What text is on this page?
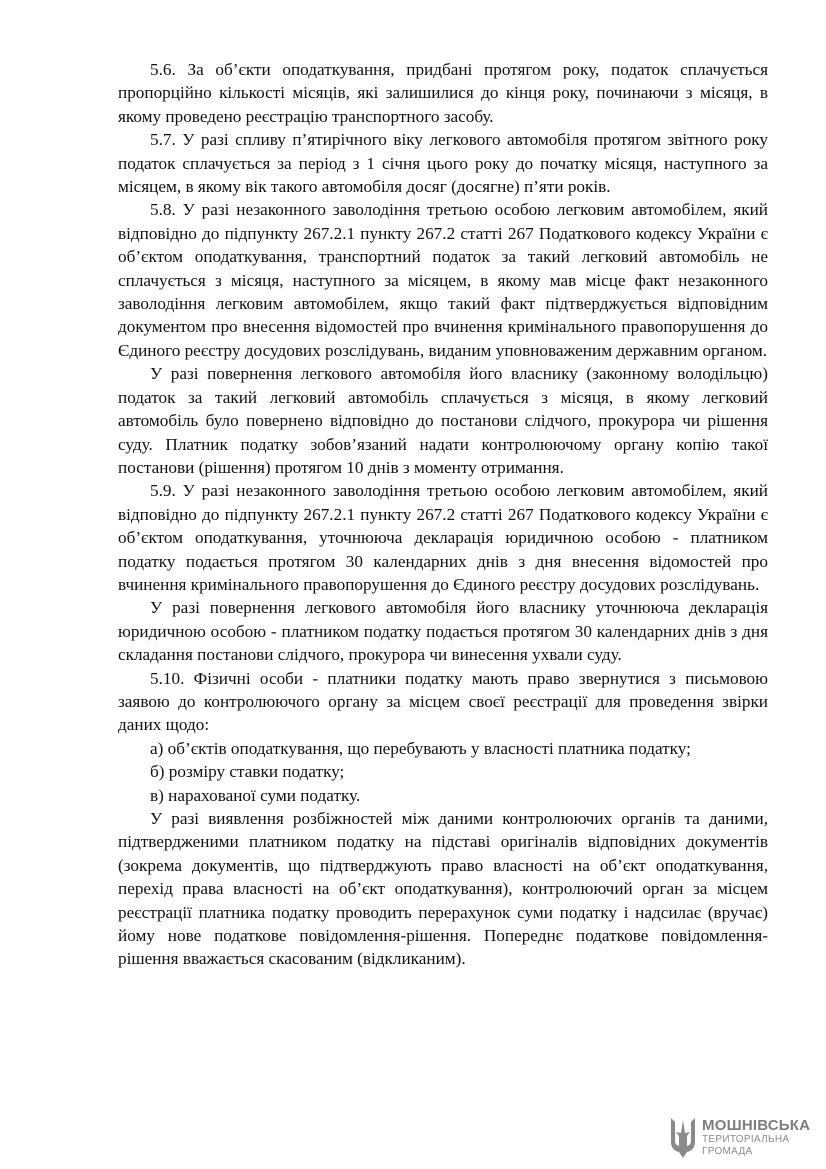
5.6. За об’єкти оподаткування, придбані протягом року, податок сплачується пропорційно кількості місяців, які залишилися до кінця року, починаючи з місяця, в якому проведено реєстрацію транспортного засобу.

5.7. У разі спливу п’ятирічного віку легкового автомобіля протягом звітного року податок сплачується за період з 1 січня цього року до початку місяця, наступного за місяцем, в якому вік такого автомобіля досяг (досягне) п’яти років.

5.8. У разі незаконного заволодіння третьою особою легковим автомобілем, який відповідно до підпункту 267.2.1 пункту 267.2 статті 267 Податкового кодексу України є об’єктом оподаткування, транспортний податок за такий легковий автомобіль не сплачується з місяця, наступного за місяцем, в якому мав місце факт незаконного заволодіння легковим автомобілем, якщо такий факт підтверджується відповідним документом про внесення відомостей про вчинення кримінального правопорушення до Єдиного реєстру досудових розслідувань, виданим уповноваженим державним органом.

У разі повернення легкового автомобіля його власнику (законному володільцю) податок за такий легковий автомобіль сплачується з місяця, в якому легковий автомобіль було повернено відповідно до постанови слідчого, прокурора чи рішення суду. Платник податку зобов’язаний надати контролюючому органу копію такої постанови (рішення) протягом 10 днів з моменту отримання.

5.9. У разі незаконного заволодіння третьою особою легковим автомобілем, який відповідно до підпункту 267.2.1 пункту 267.2 статті 267 Податкового кодексу України є об’єктом оподаткування, уточнююча декларація юридичною особою - платником податку подається протягом 30 календарних днів з дня внесення відомостей про вчинення кримінального правопорушення до Єдиного реєстру досудових розслідувань.

У разі повернення легкового автомобіля його власнику уточнююча декларація юридичною особою - платником податку подається протягом 30 календарних днів з дня складання постанови слідчого, прокурора чи винесення ухвали суду.

5.10. Фізичні особи - платники податку мають право звернутися з письмовою заявою до контролюючого органу за місцем своєї реєстрації для проведення звірки даних щодо:

а) об’єктів оподаткування, що перебувають у власності платника податку;

б) розміру ставки податку;

в) нарахованої суми податку.

У разі виявлення розбіжностей між даними контролюючих органів та даними, підтвердженими платником податку на підставі оригіналів відповідних документів (зокрема документів, що підтверджують право власності на об’єкт оподаткування, перехід права власності на об’єкт оподаткування), контролюючий орган за місцем реєстрації платника податку проводить перерахунок суми податку і надсилає (вручає) йому нове податкове повідомлення-рішення. Попереднє податкове повідомлення-рішення вважається скасованим (відкликаним).

МОШНІВСЬКА
ТЕРИТОРІАЛЬНА
ГРОМАДА
